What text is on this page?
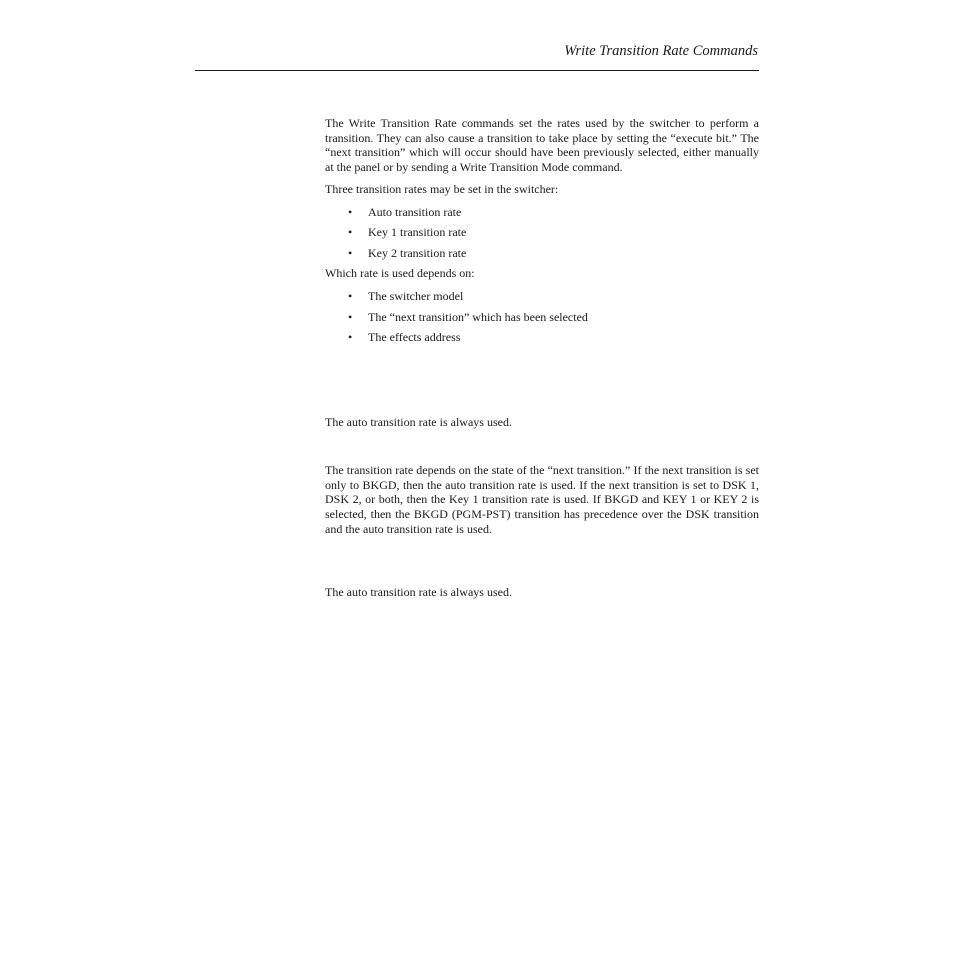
Write Transition Rate Commands

The Write Transition Rate commands set the rates used by the switcher to perform a transition. They can also cause a transition to take place by setting the “execute bit.” The “next transition” which will occur should have been previously selected, either manually at the panel or by sending a Write Transition Mode command.

Three transition rates may be set in the switcher:

• Auto transition rate
• Key 1 transition rate
• Key 2 transition rate

Which rate is used depends on:

• The switcher model
• The “next transition” which has been selected
• The effects address

The auto transition rate is always used.

The transition rate depends on the state of the “next transition.” If the next transition is set only to BKGD, then the auto transition rate is used. If the next transition is set to DSK 1, DSK 2, or both, then the Key 1 transition rate is used. If BKGD and KEY 1 or KEY 2 is selected, then the BKGD (PGM-PST) transition has precedence over the DSK transition and the auto transition rate is used.

The auto transition rate is always used.
